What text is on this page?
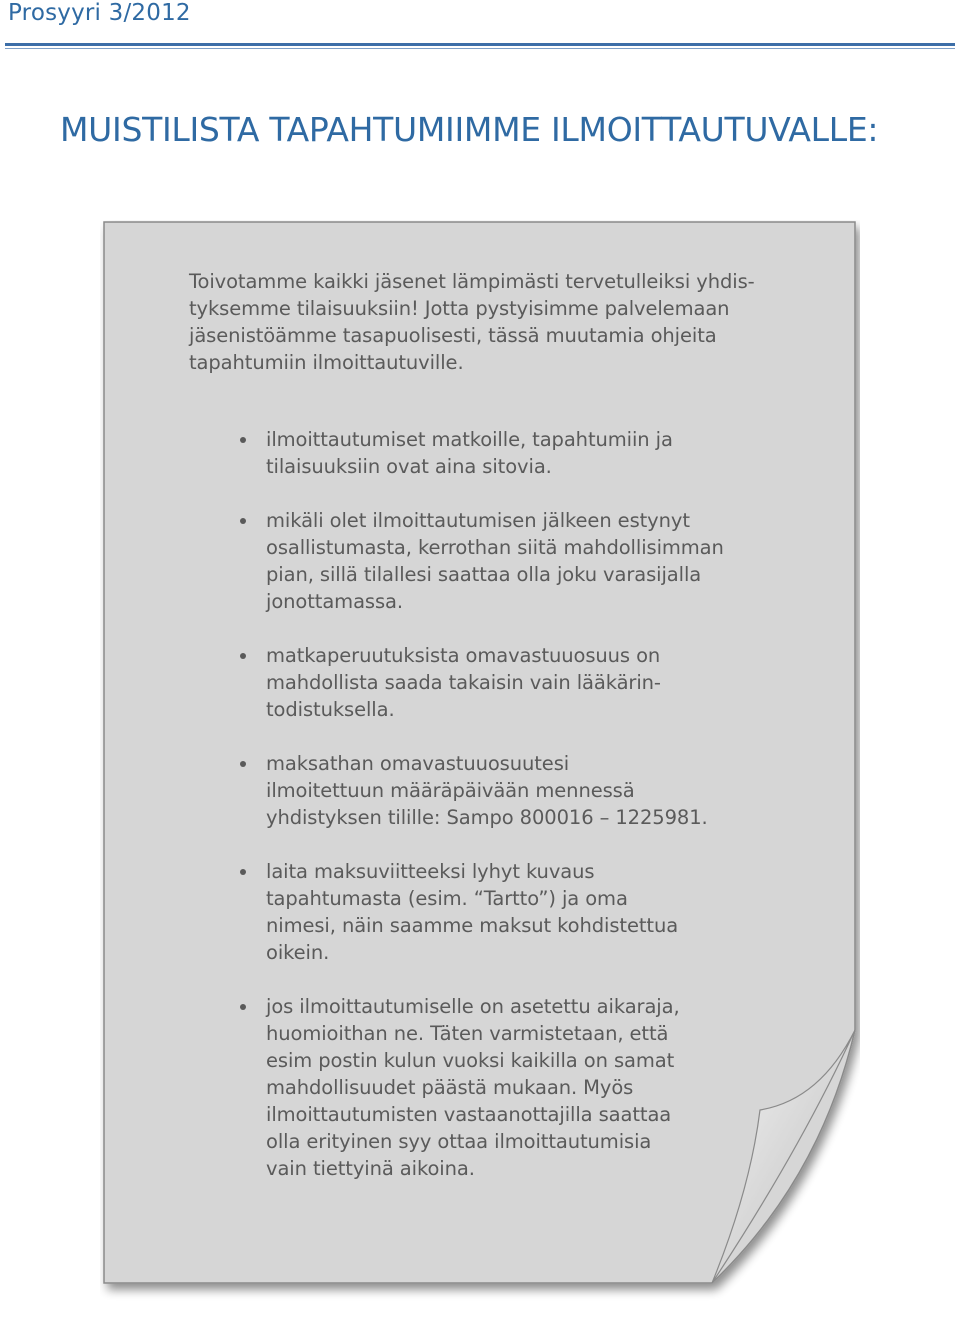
Prosyyri 3/2012
MUISTILISTA TAPAHTUMIIMME ILMOITTAUTUVALLE:

Toivotamme kaikki jäsenet lämpimästi tervetulleiksi yhdis-
tyksemme tilaisuuksiin! Jotta pystyisimme palvelemaan
jäsenistöämme tasapuolisesti, tässä muutamia ohjeita
tapahtumiin ilmoittautuville.

ilmoittautumiset matkoille, tapahtumiin ja
tilaisuuksiin ovat aina sitovia.
mikäli olet ilmoittautumisen jälkeen estynyt
osallistumasta, kerrothan siitä mahdollisimman
pian, sillä tilallesi saattaa olla joku varasijalla
jonottamassa.
matkaperuutuksista omavastuuosuus on
mahdollista saada takaisin vain lääkärin-
todistuksella.
maksathan omavastuuosuutesi
ilmoitettuun määräpäivään mennessä
yhdistyksen tilille: Sampo 800016 – 1225981.
laita maksuviitteeksi lyhyt kuvaus
tapahtumasta (esim. “Tartto”) ja oma
nimesi, näin saamme maksut kohdistettua
oikein.
jos ilmoittautumiselle on asetettu aikaraja,
huomioithan ne. Täten varmistetaan, että
esim postin kulun vuoksi kaikilla on samat
mahdollisuudet päästä mukaan. Myös
ilmoittautumisten vastaanottajilla saattaa
olla erityinen syy ottaa ilmoittautumisia
vain tiettyinä aikoina.
